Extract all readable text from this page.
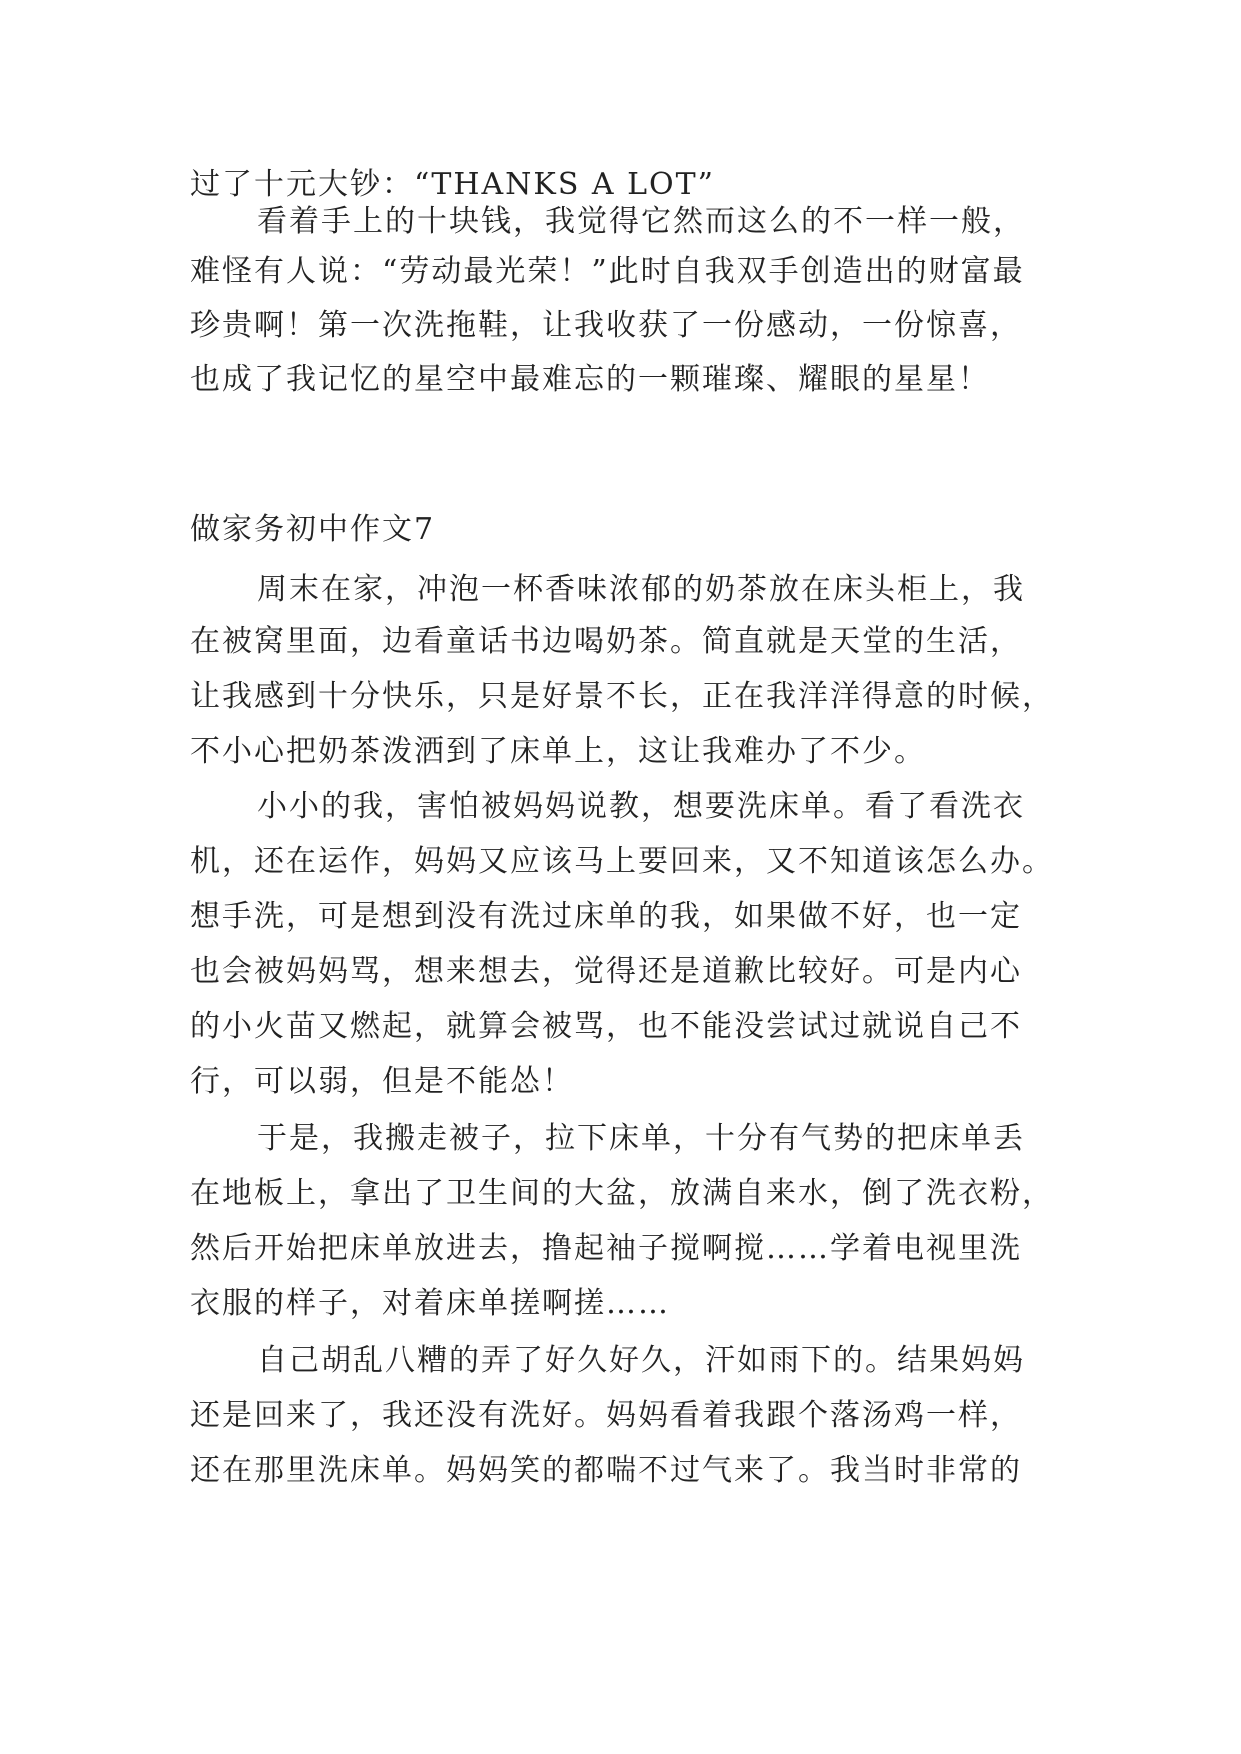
过了十元大钞：“THANKS A LOT”
看着手上的十块钱，我觉得它然而这么的不一样一般，
难怪有人说：“劳动最光荣！”此时自我双手创造出的财富最
珍贵啊！第一次洗拖鞋，让我收获了一份感动，一份惊喜，
也成了我记忆的星空中最难忘的一颗璀璨、耀眼的星星！
做家务初中作文7
周末在家，冲泡一杯香味浓郁的奶茶放在床头柜上，我
在被窝里面，边看童话书边喝奶茶。简直就是天堂的生活，
让我感到十分快乐，只是好景不长，正在我洋洋得意的时候，
不小心把奶茶泼洒到了床单上，这让我难办了不少。
小小的我，害怕被妈妈说教，想要洗床单。看了看洗衣
机，还在运作，妈妈又应该马上要回来，又不知道该怎么办。
想手洗，可是想到没有洗过床单的我，如果做不好，也一定
也会被妈妈骂，想来想去，觉得还是道歉比较好。可是内心
的小火苗又燃起，就算会被骂，也不能没尝试过就说自己不
行，可以弱，但是不能怂！
于是，我搬走被子，拉下床单，十分有气势的把床单丢
在地板上，拿出了卫生间的大盆，放满自来水，倒了洗衣粉，
然后开始把床单放进去，撸起袖子搅啊搅……学着电视里洗
衣服的样子，对着床单搓啊搓……
自己胡乱八糟的弄了好久好久，汗如雨下的。结果妈妈
还是回来了，我还没有洗好。妈妈看着我跟个落汤鸡一样，
还在那里洗床单。妈妈笑的都喘不过气来了。我当时非常的
